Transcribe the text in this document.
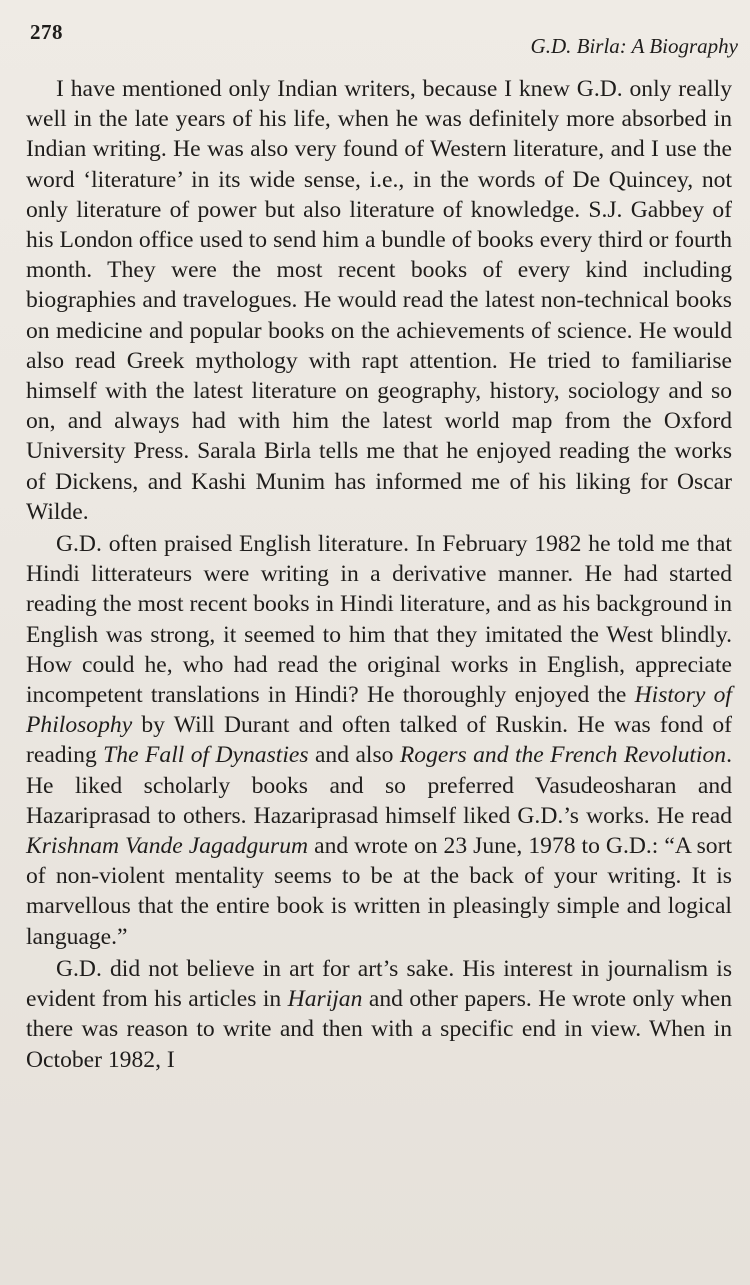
278
G.D. Birla: A Biography

I have mentioned only Indian writers, because I knew G.D. only really well in the late years of his life, when he was definitely more absorbed in Indian writing. He was also very found of Western literature, and I use the word ‘literature’ in its wide sense, i.e., in the words of De Quincey, not only literature of power but also literature of knowledge. S.J. Gabbey of his London office used to send him a bundle of books every third or fourth month. They were the most recent books of every kind including biographies and travelogues. He would read the latest non-technical books on medicine and popular books on the achievements of science. He would also read Greek mythology with rapt attention. He tried to familiarise himself with the latest literature on geography, history, sociology and so on, and always had with him the latest world map from the Oxford University Press. Sarala Birla tells me that he enjoyed reading the works of Dickens, and Kashi Munim has informed me of his liking for Oscar Wilde.

G.D. often praised English literature. In February 1982 he told me that Hindi litterateurs were writing in a derivative manner. He had started reading the most recent books in Hindi literature, and as his background in English was strong, it seemed to him that they imitated the West blindly. How could he, who had read the original works in English, appreciate incompetent translations in Hindi? He thoroughly enjoyed the History of Philosophy by Will Durant and often talked of Ruskin. He was fond of reading The Fall of Dynasties and also Rogers and the French Revolution. He liked scholarly books and so preferred Vasudeosharan and Hazariprasad to others. Hazariprasad himself liked G.D.’s works. He read Krishnam Vande Jagadgurum and wrote on 23 June, 1978 to G.D.: “A sort of non-violent mentality seems to be at the back of your writing. It is marvellous that the entire book is written in pleasingly simple and logical language.”

G.D. did not believe in art for art’s sake. His interest in journalism is evident from his articles in Harijan and other papers. He wrote only when there was reason to write and then with a specific end in view. When in October 1982, I
